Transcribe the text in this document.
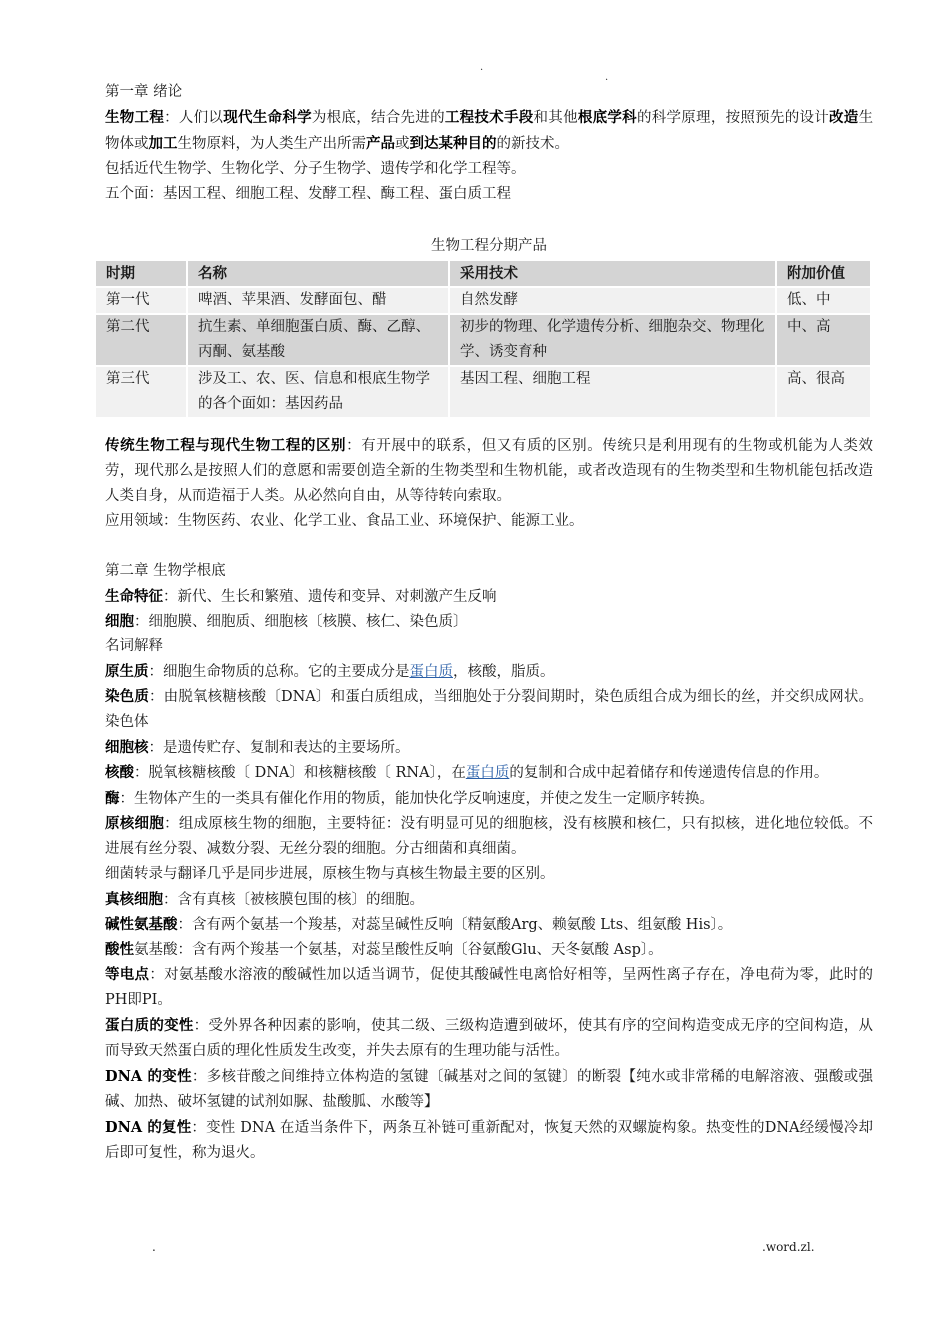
.
.
第一章 绪论
生物工程：人们以现代生命科学为根底，结合先进的工程技术手段和其他根底学科的科学原理，按照预先的设计改造生物体或加工生物原料，为人类生产出所需产品或到达某种目的的新技术。
包括近代生物学、生物化学、分子生物学、遗传学和化学工程等。
五个面：基因工程、细胞工程、发酵工程、酶工程、蛋白质工程
生物工程分期产品
时期	名称	采用技术	附加价值
第一代	啤酒、苹果酒、发酵面包、醋	自然发酵	低、中
第二代	抗生素、单细胞蛋白质、酶、乙醇、丙酮、氨基酸	初步的物理、化学遗传分析、细胞杂交、物理化学、诱变育种	中、高
第三代	涉及工、农、医、信息和根底生物学的各个面如：基因药品	基因工程、细胞工程	高、很高
传统生物工程与现代生物工程的区别：有开展中的联系，但又有质的区别。传统只是利用现有的生物或机能为人类效劳，现代那么是按照人们的意愿和需要创造全新的生物类型和生物机能，或者改造现有的生物类型和生物机能包括改造人类自身，从而造福于人类。从必然向自由，从等待转向索取。
应用领域：生物医药、农业、化学工业、食品工业、环境保护、能源工业。
第二章 生物学根底
生命特征：新代、生长和繁殖、遗传和变异、对刺激产生反响
细胞：细胞膜、细胞质、细胞核〔核膜、核仁、染色质〕
名词解释
原生质：细胞生命物质的总称。它的主要成分是蛋白质，核酸，脂质。
染色质：由脱氧核糖核酸〔DNA〕和蛋白质组成，当细胞处于分裂间期时，染色质组合成为细长的丝，并交织成网状。染色体
细胞核：是遗传贮存、复制和表达的主要场所。
核酸：脱氧核糖核酸〔 DNA〕和核糖核酸〔 RNA〕，在蛋白质的复制和合成中起着储存和传递遗传信息的作用。
酶：生物体产生的一类具有催化作用的物质，能加快化学反响速度，并使之发生一定顺序转换。
原核细胞：组成原核生物的细胞，主要特征：没有明显可见的细胞核，没有核膜和核仁，只有拟核，进化地位较低。不进展有丝分裂、减数分裂、无丝分裂的细胞。分古细菌和真细菌。
细菌转录与翻译几乎是同步进展，原核生物与真核生物最主要的区别。
真核细胞：含有真核〔被核膜包围的核〕的细胞。
碱性氨基酸：含有两个氨基一个羧基，对蕊呈碱性反响〔精氨酸Arg、赖氨酸 Lts、组氨酸 His〕。
酸性氨基酸：含有两个羧基一个氨基，对蕊呈酸性反响〔谷氨酸Glu、天冬氨酸 Asp〕。
等电点：对氨基酸水溶液的酸碱性加以适当调节，促使其酸碱性电离恰好相等，呈两性离子存在，净电荷为零，此时的PH即PI。
蛋白质的变性：受外界各种因素的影响，使其二级、三级构造遭到破坏，使其有序的空间构造变成无序的空间构造，从而导致天然蛋白质的理化性质发生改变，并失去原有的生理功能与活性。
DNA 的变性：多核苷酸之间维持立体构造的氢键〔碱基对之间的氢键〕的断裂【纯水或非常稀的电解溶液、强酸或强碱、加热、破坏氢键的试剂如脲、盐酸胍、水酸等】
DNA 的复性：变性 DNA 在适当条件下，两条互补链可重新配对，恢复天然的双螺旋构象。热变性的DNA经缓慢冷却后即可复性，称为退火。
.	.word.zl.
